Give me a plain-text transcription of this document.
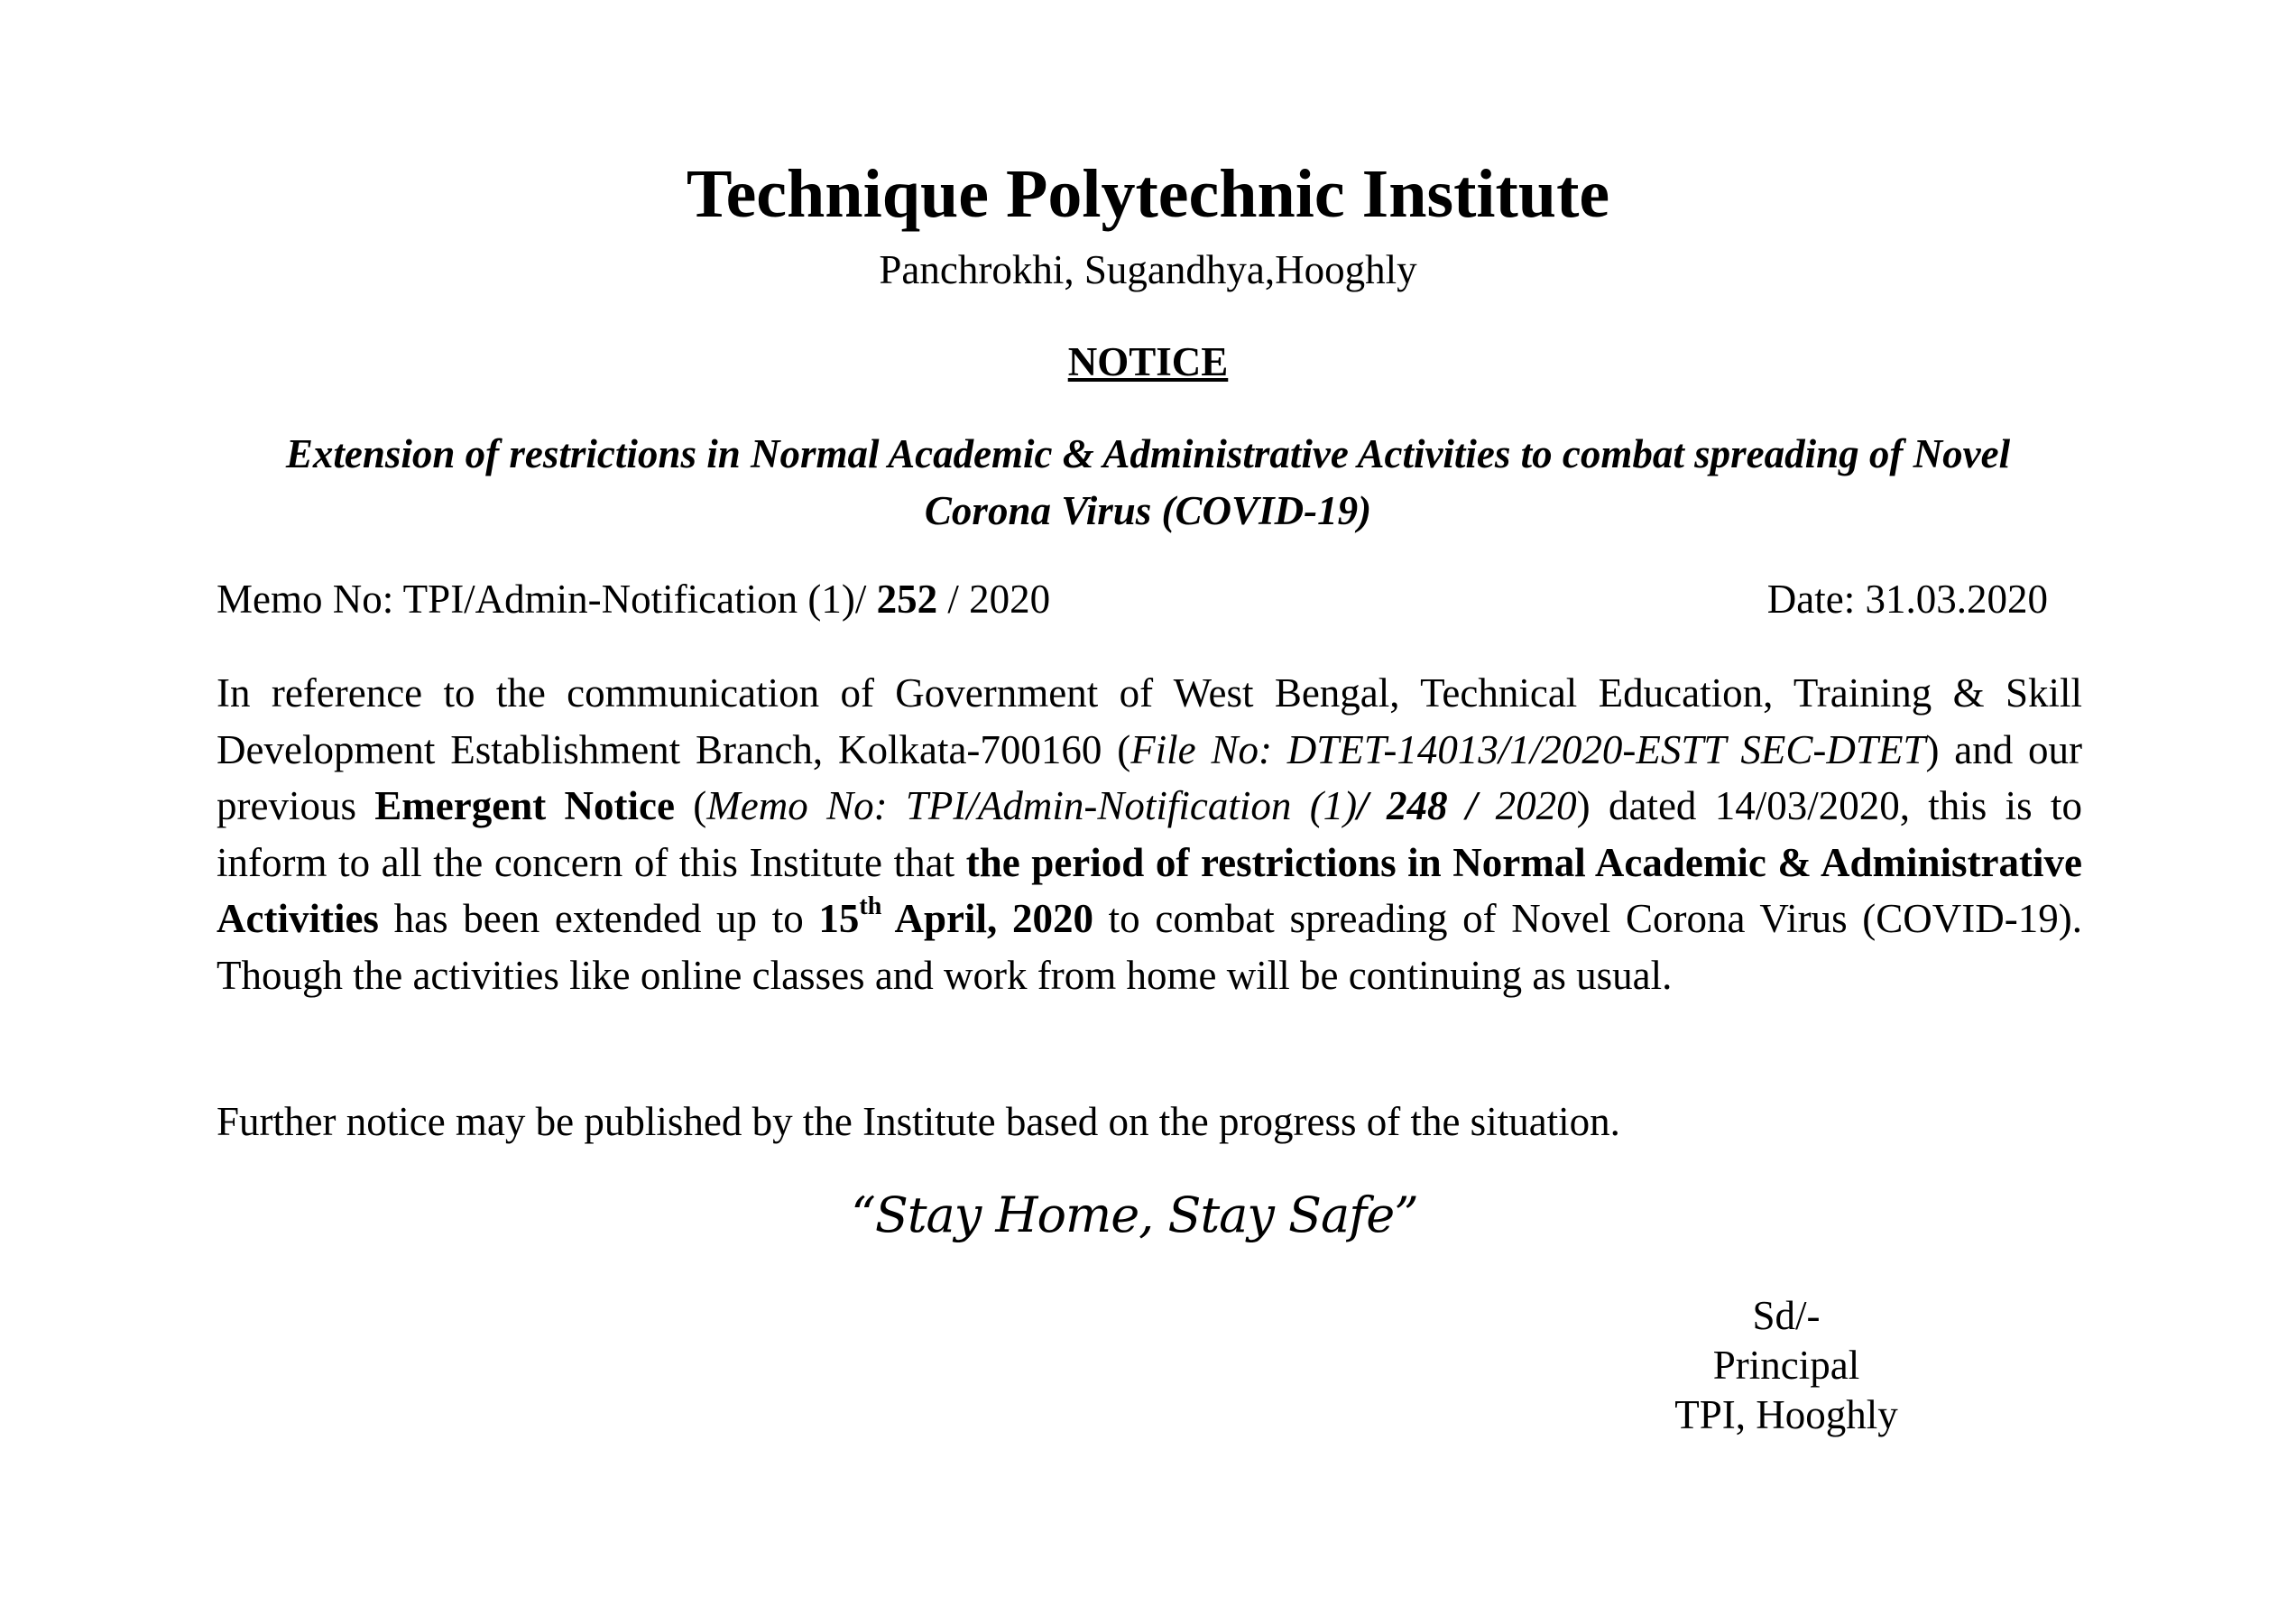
Technique Polytechnic Institute
Panchrokhi, Sugandhya,Hooghly
NOTICE
Extension of restrictions in Normal Academic & Administrative Activities to combat spreading of Novel
Corona Virus (COVID-19)
Memo No: TPI/Admin-Notification (1)/ 252 / 2020	Date: 31.03.2020
In reference to the communication of Government of West Bengal, Technical Education, Training & Skill Development Establishment Branch, Kolkata-700160 (File No: DTET-14013/1/2020-ESTT SEC-DTET) and our previous Emergent Notice (Memo No: TPI/Admin-Notification (1)/ 248 / 2020) dated 14/03/2020, this is to inform to all the concern of this Institute that the period of restrictions in Normal Academic & Administrative Activities has been extended up to 15th April, 2020 to combat spreading of Novel Corona Virus (COVID-19). Though the activities like online classes and work from home will be continuing as usual.
Further notice may be published by the Institute based on the progress of the situation.
“Stay Home, Stay Safe”
Sd/-
Principal
TPI, Hooghly
